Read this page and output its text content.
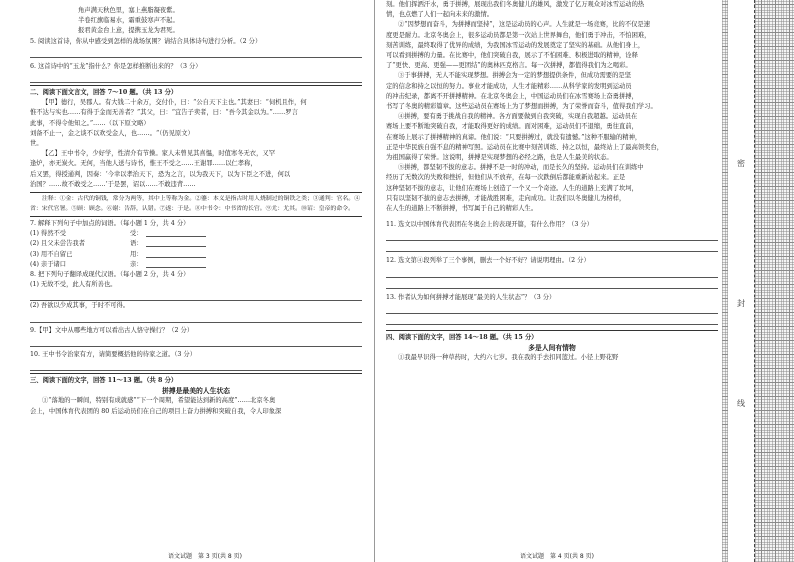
角声满天秋色里，塞上燕脂凝夜紫。

半卷红旗临易水，霜重鼓寒声不起。

报君黄金台上意，提携玉龙为君死。

5. 阅读这首诗，你从中感受到怎样的战场氛围？请结合具体诗句进行分析。（2 分）

6. 这首诗中的“玉龙”指什么？你是怎样推断出来的？（3 分）

二、阅读下面文言文，回答 7～10 题。（共 13 分）

【甲】德行，吴郡人。有大钱二十余万，交付仆，曰：“公自天下主也。”其妻曰：“伺机且作，何

惟不达与实也……有得于金而无善者？”其父，曰：“宜告子卖者，曰：“吾今其金以为。”……罗言

此事，不得令他知之。”……（以下原文略）

刘备不止一，金之谈不以欢受金人，也……。“（仍见原文）

世。

【乙】王中书令，少好学，性清介有节操。家人未曾见其喜愠，时值寒冬无衣，又罕

逢炉，亦无炭火。无何，当他人送与诗书，惟王不受之……王谢罪……以仁孝称，

后又罢，得授通判，因奏：‘今幸以孝治天下，恐为之言，以为我天下，以为下臣之不进，何以

治国？……故不敢受之……’于是罢，诏以……不敢违背……

注释：①金：古代的铜钱，常分为两等，其中上等称为金。②鎏：本义是指古时用人烧制过的铜铁之类；③通判：官名。④省：宋代官署。⑤顾：顾念。⑥谢：告辞，认错。⑦遂：于是。⑧中书令：中书省的长官。⑨尤：尤其。⑩诏：皇帝的命令。

7. 解释下列句子中加点的词语。（每小题 1 分，共 4 分）

(1) 得然不受	受：
(2) 且父未尝告我者	语：
(3) 用不自留已	用：
(4) 亲于诸口	亲：

8. 把下列句子翻译成现代汉语。（每小题 2 分，共 4 分）

(1) 无故不受，此人有所善也。

(2) 吾欲以少成其事，于时不可得。

9.【甲】文中从哪些地方可以看出古人恪守操行？（2 分）

10. 王中书令治家有方，请简要概括他的待家之道。（3 分）

三、阅读下面的文字，回答 11～13 题。（共 8 分）

拼搏是最美的人生状态

①“落地的一瞬间，特别有成就感”“下一个周期，希望能达到新的高度”……北京冬奥

会上，中国体育代表团的 80 后运动员们在自己的项目上奋力拼搏和突破自我，令人印象深

语文试题　第 3 页(共 8 页)

刻。他们挥洒汗水，勇于拼搏，展现出我们冬奥健儿的雄风，激发了亿万观众对冰雪运动的热

情，也点燃了人们一起向未来的激情。

②“因梦想而奋斗，为拼搏而坚持”，这是运动员的心声。人生就是一场竞赛，比的不仅是速

度更是耐力。北京冬奥会上，很多运动员都是第一次站上世界舞台，他们勇于冲击，不怕困难，

刻苦训练，最终取得了优异的成绩，为我国冰雪运动的发展奠定了坚实的基础。从他们身上，

可以看到拼搏的力量。在比赛中，他们突破自我，展示了不怕困难、积极进取的精神，诠释

了“更快、更高、更强——更团结”的奥林匹克格言。每一次拼搏，都值得我们为之喝彩。

③于事拼搏，无人不能实现梦想。拼搏会为一定的梦想提供条件，但成功需要的是坚

定的信念和持之以恒的努力。事业才能成功，人生才能精彩……从科学家的发明到运动员

的冲击纪录，都离不开拼搏精神。在北京冬奥会上，中国运动员们在冰雪赛场上奋勇拼搏，

书写了冬奥的精彩篇章。这些运动员在赛场上为了梦想而拼搏，为了荣誉而奋斗，值得我们学习。

④拼搏，要有勇于挑战自我的精神。各方面要做到自我突破，实现自我超越。运动员在

赛场上要不断地突破自我，才能取得更好的成绩。面对困难，运动员们不退缩，勇往直前，

在赛场上展示了拼搏精神的真谛。他们说：“只要拼搏过，就没有遗憾。”这种不服输的精神，

正是中华民族自强不息的精神写照。运动员在比赛中刻苦训练、持之以恒，最终站上了最高领奖台，

为祖国赢得了荣誉。这说明，拼搏是实现梦想的必经之路，也是人生最美的状态。

⑤拼搏，都坚韧不拔的意志。拼搏不是一时的冲动，而是长久的坚持。运动员们在训练中

经历了无数次的失败和挫折，但他们从不放弃，在每一次跌倒后都能重新站起来。正是

这种坚韧不拔的意志，让他们在赛场上创造了一个又一个奇迹。人生的道路上充满了坎坷，

只有以坚韧不拔的意志去拼搏，才能战胜困难，走向成功。让我们以冬奥健儿为榜样，

在人生的道路上不断拼搏，书写属于自己的精彩人生。

11. 选文以中国体育代表团在冬奥会上的表现开篇，有什么作用？（3 分）

12. 选文第④段列举了三个事例，删去一个好不好？请说明理由。（2 分）

13. 作者认为如何拼搏才能展现“最美的人生状态”？（3 分）

四、阅读下面的文字，回答 14～18 题。（共 15 分）

多是人间有情物

①我最早识得一种草药时，大约六七岁。我在我的手去扣同篮过。小径上野花野

语文试题　第 4 页(共 8 页)
密
封
线
